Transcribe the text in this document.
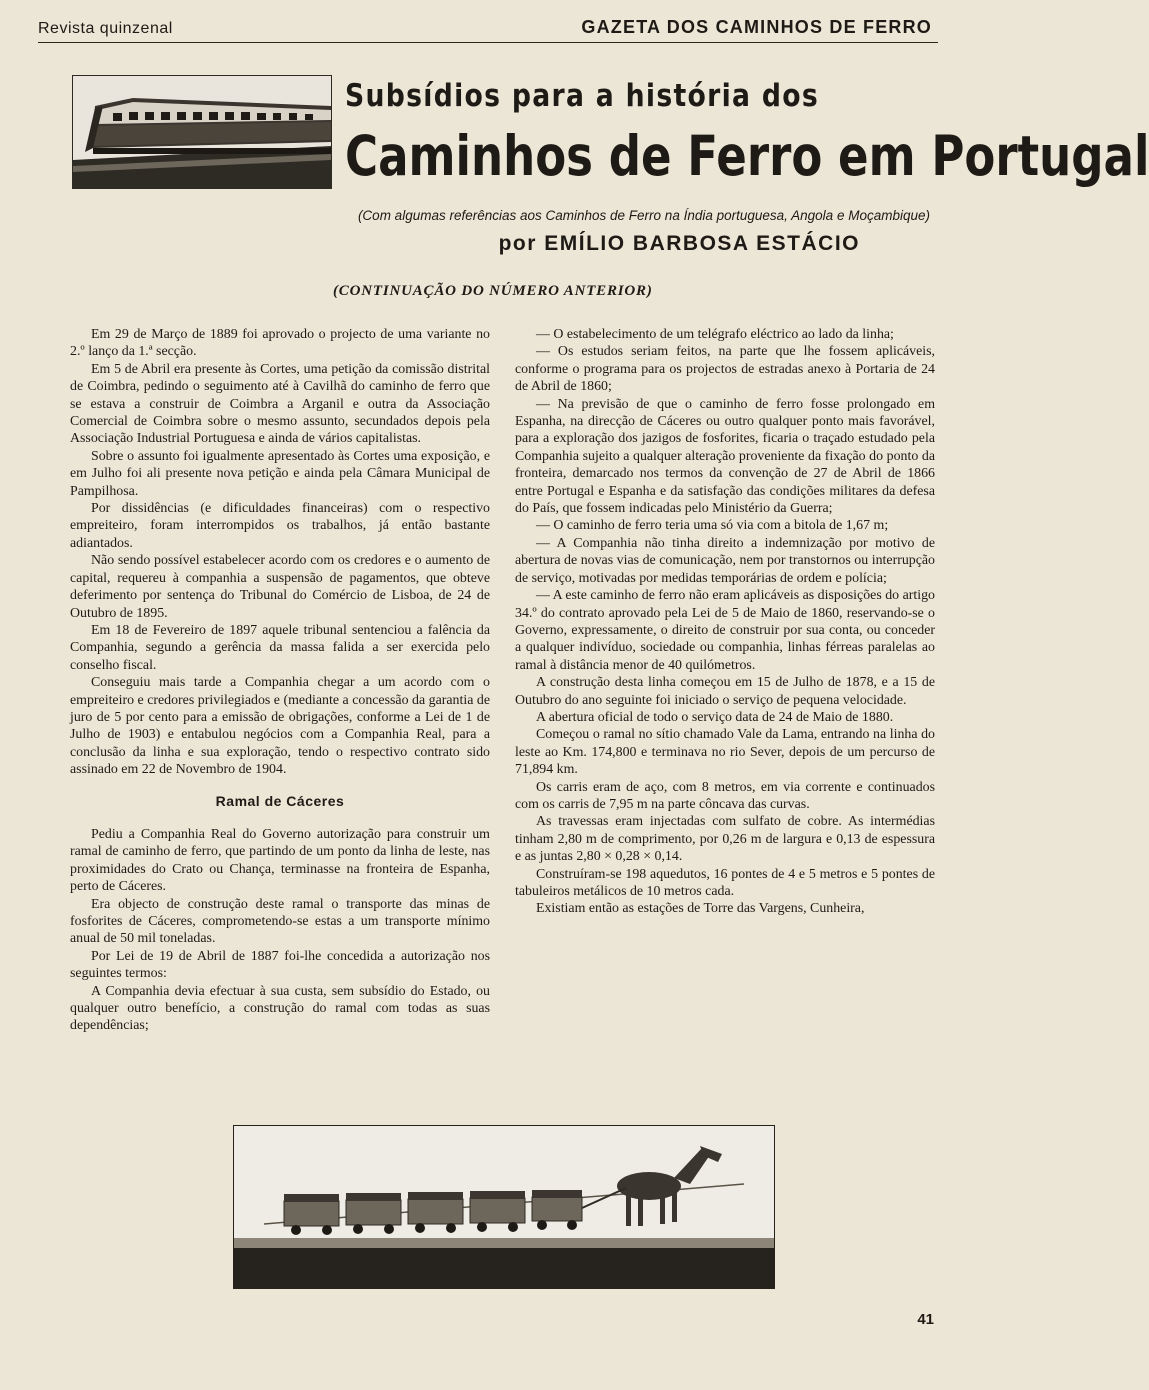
Revista quinzenal	GAZETA DOS CAMINHOS DE FERRO
Subsídios para a história dos
Caminhos de Ferro em Portugal
(Com algumas referências aos Caminhos de Ferro na Índia portuguesa, Angola e Moçambique)
por EMÍLIO BARBOSA ESTÁCIO
(CONTINUAÇÃO DO NÚMERO ANTERIOR)

Em 29 de Março de 1889 foi aprovado o projecto de uma variante no 2.º lanço da 1.ª secção.

Em 5 de Abril era presente às Cortes, uma petição da comissão distrital de Coimbra, pedindo o seguimento até à Cavilhã do caminho de ferro que se estava a construir de Coimbra a Arganil e outra da Associação Comercial de Coimbra sobre o mesmo assunto, secundados depois pela Associação Industrial Portuguesa e ainda de vários capitalistas.

Sobre o assunto foi igualmente apresentado às Cortes uma exposição, e em Julho foi ali presente nova petição e ainda pela Câmara Municipal de Pampilhosa.

Por dissidências (e dificuldades financeiras) com o respectivo empreiteiro, foram interrompidos os trabalhos, já então bastante adiantados.

Não sendo possível estabelecer acordo com os credores e o aumento de capital, requereu à companhia a suspensão de pagamentos, que obteve deferimento por sentença do Tribunal do Comércio de Lisboa, de 24 de Outubro de 1895.

Em 18 de Fevereiro de 1897 aquele tribunal sentenciou a falência da Companhia, segundo a gerência da massa falida a ser exercida pelo conselho fiscal.

Conseguiu mais tarde a Companhia chegar a um acordo com o empreiteiro e credores privilegiados e (mediante a concessão da garantia de juro de 5 por cento para a emissão de obrigações, conforme a Lei de 1 de Julho de 1903) e entabulou negócios com a Companhia Real, para a conclusão da linha e sua exploração, tendo o respectivo contrato sido assinado em 22 de Novembro de 1904.

Ramal de Cáceres

Pediu a Companhia Real do Governo autorização para construir um ramal de caminho de ferro, que partindo de um ponto da linha de leste, nas proximidades do Crato ou Chança, terminasse na fronteira de Espanha, perto de Cáceres.

Era objecto de construção deste ramal o transporte das minas de fosforites de Cáceres, comprometendo-se estas a um transporte mínimo anual de 50 mil toneladas.

Por Lei de 19 de Abril de 1887 foi-lhe concedida a autorização nos seguintes termos:

A Companhia devia efectuar à sua custa, sem subsídio do Estado, ou qualquer outro benefício, a construção do ramal com todas as suas dependências;

— O estabelecimento de um telégrafo eléctrico ao lado da linha;

— Os estudos seriam feitos, na parte que lhe fossem aplicáveis, conforme o programa para os projectos de estradas anexo à Portaria de 24 de Abril de 1860;

— Na previsão de que o caminho de ferro fosse prolongado em Espanha, na direcção de Cáceres ou outro qualquer ponto mais favorável, para a exploração dos jazigos de fosforites, ficaria o traçado estudado pela Companhia sujeito a qualquer alteração proveniente da fixação do ponto da fronteira, demarcado nos termos da convenção de 27 de Abril de 1866 entre Portugal e Espanha e da satisfação das condições militares da defesa do País, que fossem indicadas pelo Ministério da Guerra;

— O caminho de ferro teria uma só via com a bitola de 1,67 m;

— A Companhia não tinha direito a indemnização por motivo de abertura de novas vias de comunicação, nem por transtornos ou interrupção de serviço, motivadas por medidas temporárias de ordem e polícia;

— A este caminho de ferro não eram aplicáveis as disposições do artigo 34.º do contrato aprovado pela Lei de 5 de Maio de 1860, reservando-se o Governo, expressamente, o direito de construir por sua conta, ou conceder a qualquer indivíduo, sociedade ou companhia, linhas férreas paralelas ao ramal à distância menor de 40 quilómetros.

A construção desta linha começou em 15 de Julho de 1878, e a 15 de Outubro do ano seguinte foi iniciado o serviço de pequena velocidade.

A abertura oficial de todo o serviço data de 24 de Maio de 1880.

Começou o ramal no sítio chamado Vale da Lama, entrando na linha do leste ao Km. 174,800 e terminava no rio Sever, depois de um percurso de 71,894 km.

Os carris eram de aço, com 8 metros, em via corrente e continuados com os carris de 7,95 m na parte côncava das curvas.

As travessas eram injectadas com sulfato de cobre. As intermédias tinham 2,80 m de comprimento, por 0,26 m de largura e 0,13 de espessura e as juntas 2,80 × 0,28 × 0,14.

Construíram-se 198 aquedutos, 16 pontes de 4 e 5 metros e 5 pontes de tabuleiros metálicos de 10 metros cada.

Existiam então as estações de Torre das Vargens, Cunheira,

41
